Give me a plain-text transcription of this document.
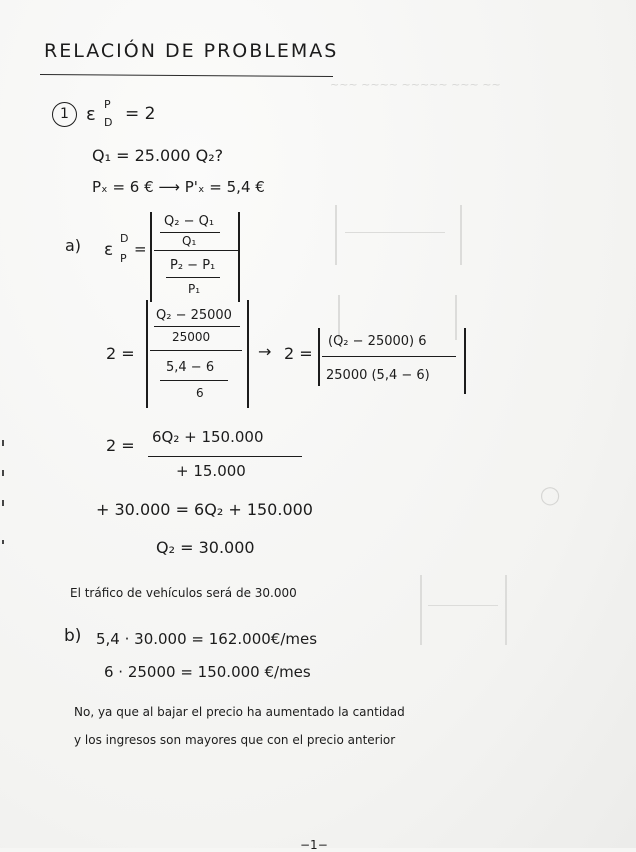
~~~ ~~~~ ~~~~~ ~~~ ~~
◯
RELACIÓN DE PROBLEMAS
1 ε P
D = 2
Q₁ = 25.000 Q₂?
Pₓ = 6 € ⟶ P'ₓ = 5,4 €
a) ε
D
P
=
Q₂ − Q₁
Q₁
P₂ − P₁
P₁
2 =
Q₂ − 25000
25000
5,4 − 6
6
→ 2 =
(Q₂ − 25000) 6
25000 (5,4 − 6)
2 = 6Q₂ + 150.000
+ 15.000
+ 30.000 = 6Q₂ + 150.000
Q₂ = 30.000
El tráfico de vehículos será de 30.000
b) 5,4 · 30.000 = 162.000€/mes
6 · 25000 = 150.000 €/mes
No, ya que al bajar el precio ha aumentado la cantidad
y los ingresos son mayores que con el precio anterior
−1−
